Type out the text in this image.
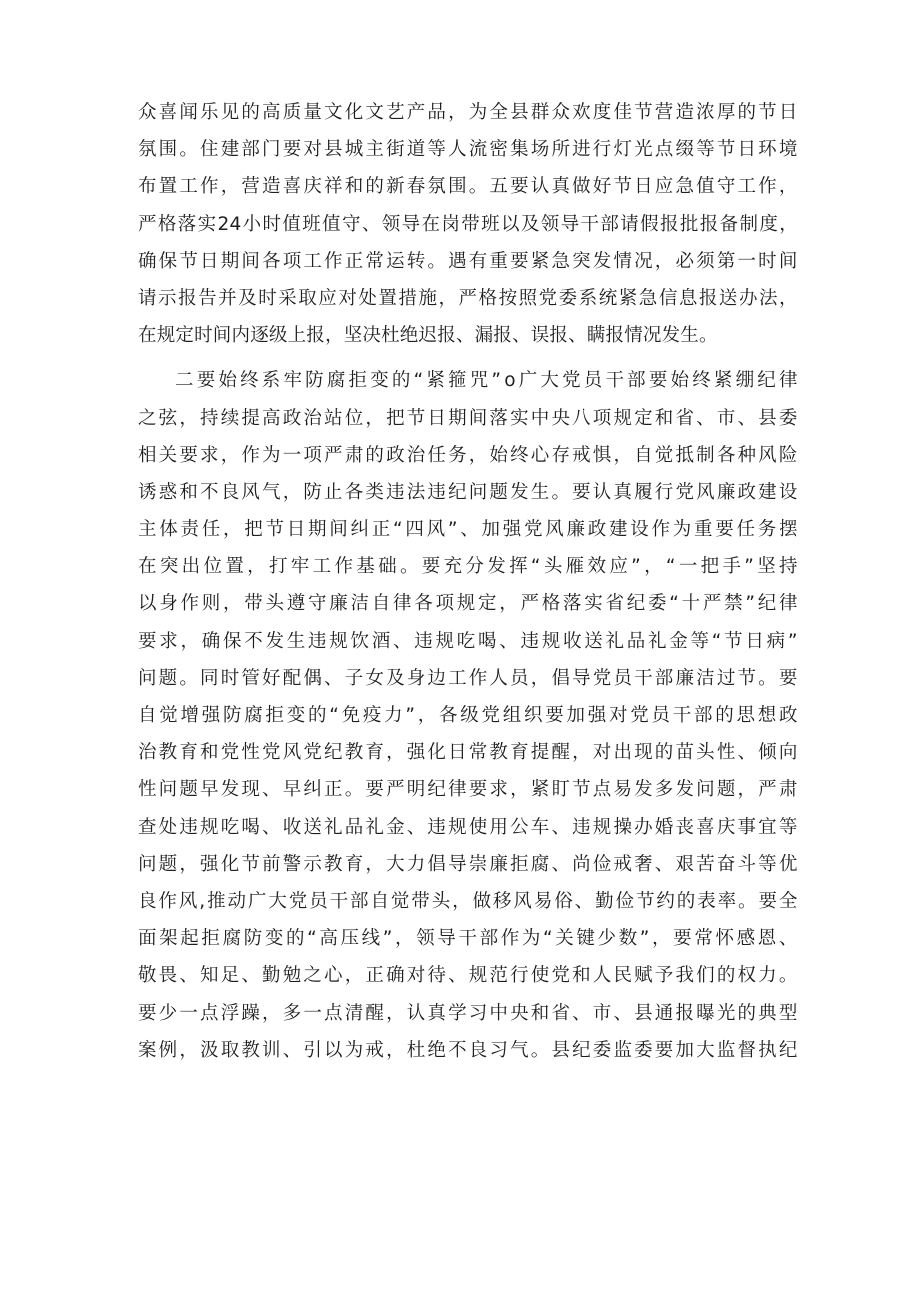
众 喜 闻 乐 见 的 高 质 量 文 化 文 艺 产 品 ， 为 全 县 群 众 欢 度 佳 节 营 造 浓 厚 的 节 日
氛 围 。 住 建 部 门 要 对 县 城 主 街 道 等 人 流 密 集 场 所 进 行 灯 光 点 缀 等 节 日 环 境
布 置 工 作 ， 营 造 喜 庆 祥 和 的 新 春 氛 围 。 五 要 认 真 做 好 节 日 应 急 值 守 工 作 ，
严 格 落 实 24 小 时 值 班 值 守 、 领 导 在 岗 带 班 以 及 领 导 干 部 请 假 报 批 报 备 制 度 ，
确 保 节 日 期 间 各 项 工 作 正 常 运 转 。 遇 有 重 要 紧 急 突 发 情 况 ， 必 须 第 一 时 间
请 示 报 告 并 及 时 采 取 应 对 处 置 措 施 ， 严 格 按 照 党 委 系 统 紧 急 信 息 报 送 办 法 ，
在规定时间内逐级上报，坚决杜绝迟报、漏报、误报、瞒报情况发生。
二 要 始 终 系 牢 防 腐 拒 变 的 “ 紧 箍 咒 ” o 广 大 党 员 干 部 要 始 终 紧 绷 纪 律
之 弦 ， 持 续 提 高 政 治 站 位 ， 把 节 日 期 间 落 实 中 央 八 项 规 定 和 省 、 市 、 县 委
相 关 要 求 ， 作 为 一 项 严 肃 的 政 治 任 务 ， 始 终 心 存 戒 惧 ， 自 觉 抵 制 各 种 风 险
诱 惑 和 不 良 风 气 ， 防 止 各 类 违 法 违 纪 问 题 发 生 。 要 认 真 履 行 党 风 廉 政 建 设
主 体 责 任 ， 把 节 日 期 间 纠 正 “ 四 风 ” 、 加 强 党 风 廉 政 建 设 作 为 重 要 任 务 摆
在 突 出 位 置 ， 打 牢 工 作 基 础 。 要 充 分 发 挥 “ 头 雁 效 应 ” ， “ 一 把 手 ” 坚 持
以 身 作 则 ， 带 头 遵 守 廉 洁 自 律 各 项 规 定 ， 严 格 落 实 省 纪 委 “ 十 严 禁 ” 纪 律
要 求 ， 确 保 不 发 生 违 规 饮 酒 、 违 规 吃 喝 、 违 规 收 送 礼 品 礼 金 等 “ 节 日 病 ”
问 题 。 同 时 管 好 配 偶 、 子 女 及 身 边 工 作 人 员 ， 倡 导 党 员 干 部 廉 洁 过 节 。 要
自 觉 增 强 防 腐 拒 变 的 “ 免 疫 力 ” ， 各 级 党 组 织 要 加 强 对 党 员 干 部 的 思 想 政
治 教 育 和 党 性 党 风 党 纪 教 育 ， 强 化 日 常 教 育 提 醒 ， 对 出 现 的 苗 头 性 、 倾 向
性 问 题 早 发 现 、 早 纠 正 。 要 严 明 纪 律 要 求 ， 紧 盯 节 点 易 发 多 发 问 题 ， 严 肃
查 处 违 规 吃 喝 、 收 送 礼 品 礼 金 、 违 规 使 用 公 车 、 违 规 操 办 婚 丧 喜 庆 事 宜 等
问 题 ， 强 化 节 前 警 示 教 育 ， 大 力 倡 导 崇 廉 拒 腐 、 尚 俭 戒 奢 、 艰 苦 奋 斗 等 优
良 作 风 , 推 动 广 大 党 员 干 部 自 觉 带 头 ， 做 移 风 易 俗 、 勤 俭 节 约 的 表 率 。 要 全
面 架 起 拒 腐 防 变 的 “ 高 压 线 ” ， 领 导 干 部 作 为 “ 关 键 少 数 ” ， 要 常 怀 感 恩 、
敬 畏 、 知 足 、 勤 勉 之 心 ， 正 确 对 待 、 规 范 行 使 党 和 人 民 赋 予 我 们 的 权 力 。
要 少 一 点 浮 躁 ， 多 一 点 清 醒 ， 认 真 学 习 中 央 和 省 、 市 、 县 通 报 曝 光 的 典 型
案 例 ， 汲 取 教 训 、 引 以 为 戒 ， 杜 绝 不 良 习 气 。 县 纪 委 监 委 要 加 大 监 督 执 纪
